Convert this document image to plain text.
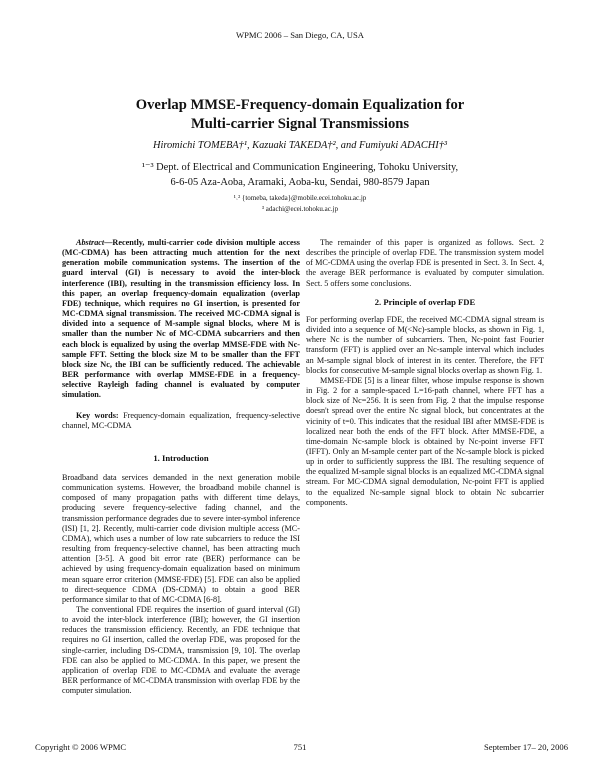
WPMC 2006 – San Diego, CA, USA
Overlap MMSE-Frequency-domain Equalization for
Multi-carrier Signal Transmissions
Hiromichi TOMEBA†¹, Kazuaki TAKEDA†², and Fumiyuki ADACHI†³
¹⁻³ Dept. of Electrical and Communication Engineering, Tohoku University,
6-6-05 Aza-Aoba, Aramaki, Aoba-ku, Sendai, 980-8579 Japan
¹˒² {tomeba, takeda}@mobile.ecei.tohoku.ac.jp
³ adachi@ecei.tohoku.ac.jp

Abstract—Recently, multi-carrier code division multiple access (MC-CDMA) has been attracting much attention for the next generation mobile communication systems. The insertion of the guard interval (GI) is necessary to avoid the inter-block interference (IBI), resulting in the transmission efficiency loss. In this paper, an overlap frequency-domain equalization (overlap FDE) technique, which requires no GI insertion, is presented for MC-CDMA signal transmission. The received MC-CDMA signal is divided into a sequence of M-sample signal blocks, where M is smaller than the number Nc of MC-CDMA subcarriers and then each block is equalized by using the overlap MMSE-FDE with Nc-sample FFT. Setting the block size M to be smaller than the FFT block size Nc, the IBI can be sufficiently reduced. The achievable BER performance with overlap MMSE-FDE in a frequency-selective Rayleigh fading channel is evaluated by computer simulation.

Key words: Frequency-domain equalization, frequency-selective channel, MC-CDMA

1. Introduction

Broadband data services demanded in the next generation mobile communication systems. However, the broadband mobile channel is composed of many propagation paths with different time delays, producing severe frequency-selective fading channel, and the transmission performance degrades due to severe inter-symbol inference (ISI) [1, 2]. Recently, multi-carrier code division multiple access (MC-CDMA), which uses a number of low rate subcarriers to reduce the ISI resulting from frequency-selective channel, has been attracting much attention [3-5]. A good bit error rate (BER) performance can be achieved by using frequency-domain equalization based on minimum mean square error criterion (MMSE-FDE) [5]. FDE can also be applied to direct-sequence CDMA (DS-CDMA) to obtain a good BER performance similar to that of MC-CDMA [6-8].

The conventional FDE requires the insertion of guard interval (GI) to avoid the inter-block interference (IBI); however, the GI insertion reduces the transmission efficiency. Recently, an FDE technique that requires no GI insertion, called the overlap FDE, was proposed for the single-carrier, including DS-CDMA, transmission [9, 10]. The overlap FDE can also be applied to MC-CDMA. In this paper, we present the application of overlap FDE to MC-CDMA and evaluate the average BER performance of MC-CDMA transmission with overlap FDE by the computer simulation.

The remainder of this paper is organized as follows. Sect. 2 describes the principle of overlap FDE. The transmission system model of MC-CDMA using the overlap FDE is presented in Sect. 3. In Sect. 4, the average BER performance is evaluated by computer simulation. Sect. 5 offers some conclusions.

2. Principle of overlap FDE

For performing overlap FDE, the received MC-CDMA signal stream is divided into a sequence of M(<Nc)-sample blocks, as shown in Fig. 1, where Nc is the number of subcarriers. Then, Nc-point fast Fourier transform (FFT) is applied over an Nc-sample interval which includes an M-sample signal block of interest in its center. Therefore, the FFT blocks for consecutive M-sample signal blocks overlap as shown Fig. 1.

MMSE-FDE [5] is a linear filter, whose impulse response is shown in Fig. 2 for a sample-spaced L=16-path channel, where FFT has a block size of Nc=256. It is seen from Fig. 2 that the impulse response doesn't spread over the entire Nc signal block, but concentrates at the vicinity of t=0. This indicates that the residual IBI after MMSE-FDE is localized near both the ends of the FFT block. After MMSE-FDE, a time-domain Nc-sample block is obtained by Nc-point inverse FFT (IFFT). Only an M-sample center part of the Nc-sample block is picked up in order to sufficiently suppress the IBI. The resulting sequence of the equalized M-sample signal blocks is an equalized MC-CDMA signal stream. For MC-CDMA signal demodulation, Nc-point FFT is applied to the equalized Nc-sample signal block to obtain Nc subcarrier components.

Copyright © 2006 WPMC	751	September 17– 20, 2006
